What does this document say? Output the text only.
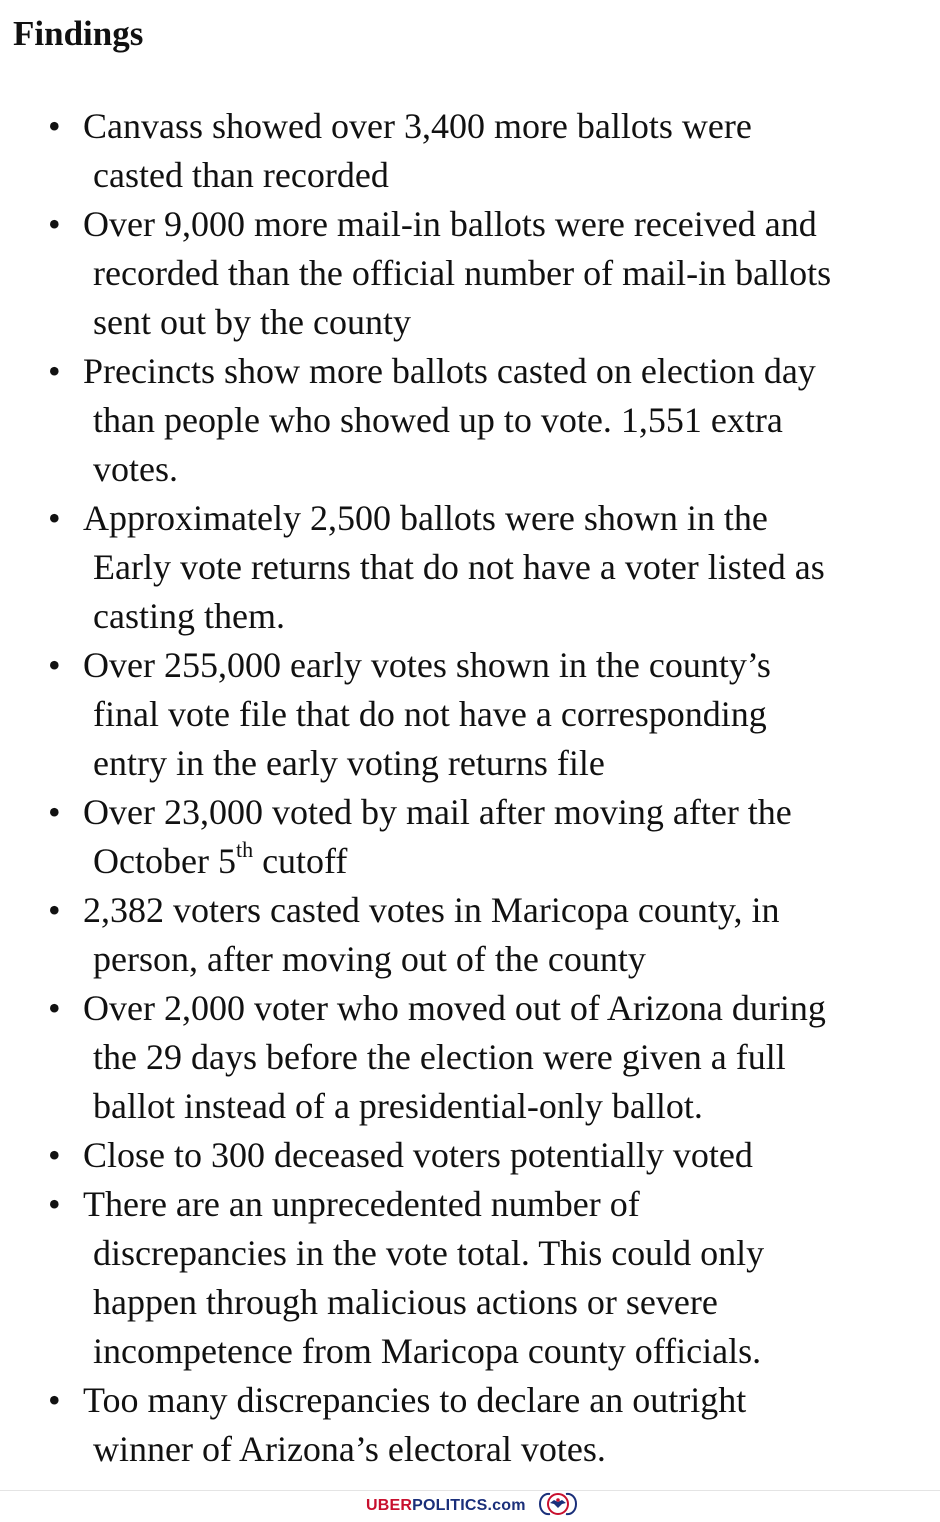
Findings
• Canvass showed over 3,400 more ballots were
casted than recorded
• Over 9,000 more mail-in ballots were received and
recorded than the official number of mail-in ballots
sent out by the county
• Precincts show more ballots casted on election day
than people who showed up to vote. 1,551 extra
votes.
• Approximately 2,500 ballots were shown in the
Early vote returns that do not have a voter listed as
casting them.
• Over 255,000 early votes shown in the county’s
final vote file that do not have a corresponding
entry in the early voting returns file
• Over 23,000 voted by mail after moving after the
October 5th cutoff
• 2,382 voters casted votes in Maricopa county, in
person, after moving out of the county
• Over 2,000 voter who moved out of Arizona during
the 29 days before the election were given a full
ballot instead of a presidential-only ballot.
• Close to 300 deceased voters potentially voted
• There are an unprecedented number of
discrepancies in the vote total. This could only
happen through malicious actions or severe
incompetence from Maricopa county officials.
• Too many discrepancies to declare an outright
winner of Arizona’s electoral votes.
UBERPOLITICS.com
